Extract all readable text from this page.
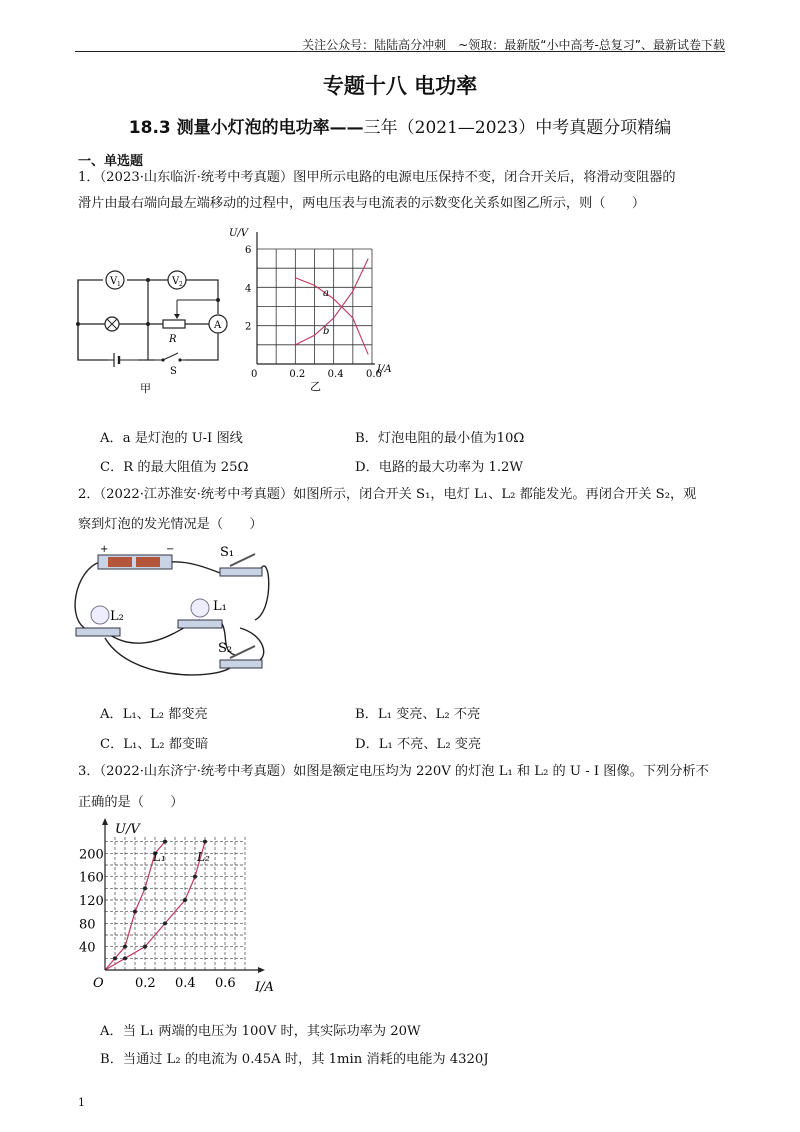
关注公众号：陆陆高分冲刺　~领取：最新版“小中高考-总复习”、最新试卷下载
专题十八 电功率
18.3 测量小灯泡的电功率——三年（2021—2023）中考真题分项精编
一、单选题
1．（2023·山东临沂·统考中考真题）图甲所示电路的电源电压保持不变，闭合开关后，将滑动变阻器的
滑片由最右端向最左端移动的过程中，两电压表与电流表的示数变化关系如图乙所示，则（　　）
V 1	V 2
R
A
S
甲
U/V
I/A
0	0.2 0.4 0.6
2
4
6
a
b
乙
A．a 是灯泡的 U-I 图线	B．灯泡电阻的最小值为10Ω
C．R 的最大阻值为 25Ω	D．电路的最大功率为 1.2W
2．（2022·江苏淮安·统考中考真题）如图所示，闭合开关 S₁，电灯 L₁、L₂ 都能发光。再闭合开关 S₂，观
察到灯泡的发光情况是（　　）
+	−	S₁
L₁
L₂
S₂
A．L₁、L₂ 都变亮	B．L₁ 变亮、L₂ 不亮
C．L₁、L₂ 都变暗	D．L₁ 不亮、L₂ 变亮
3．（2022·山东济宁·统考中考真题）如图是额定电压均为 220V 的灯泡 L₁ 和 L₂ 的 U - I 图像。下列分析不
正确的是（　　）
U/V
I/A
O 0.2 0.4 0.6
40
80
120
160
200	L₁	L₂
A．当 L₁ 两端的电压为 100V 时，其实际功率为 20W
B．当通过 L₂ 的电流为 0.45A 时，其 1min 消耗的电能为 4320J
1
